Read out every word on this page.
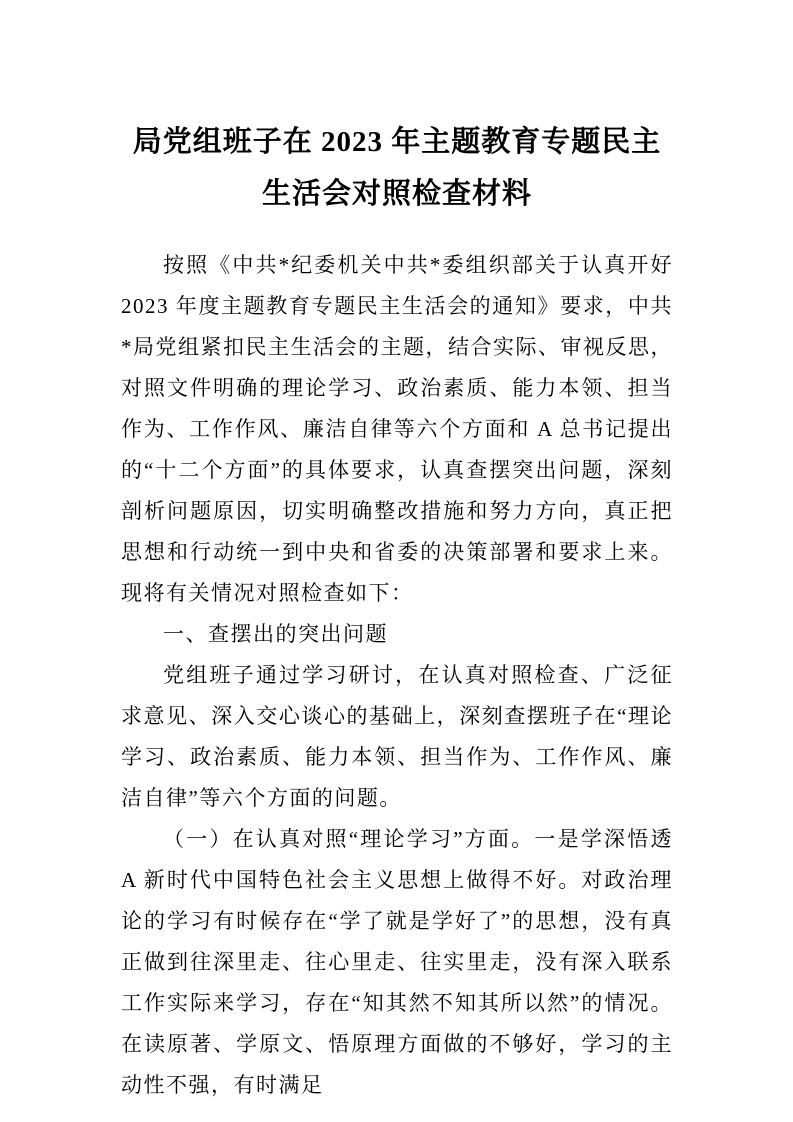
局党组班子在 2023 年主题教育专题民主生活会对照检查材料

按照《中共*纪委机关中共*委组织部关于认真开好 2023 年度主题教育专题民主生活会的通知》要求，中共*局党组紧扣民主生活会的主题，结合实际、审视反思，对照文件明确的理论学习、政治素质、能力本领、担当作为、工作作风、廉洁自律等六个方面和 A 总书记提出的“十二个方面”的具体要求，认真查摆突出问题，深刻剖析问题原因，切实明确整改措施和努力方向，真正把思想和行动统一到中央和省委的决策部署和要求上来。现将有关情况对照检查如下：

一、查摆出的突出问题

党组班子通过学习研讨，在认真对照检查、广泛征求意见、深入交心谈心的基础上，深刻查摆班子在“理论学习、政治素质、能力本领、担当作为、工作作风、廉洁自律”等六个方面的问题。

（一）在认真对照“理论学习”方面。一是学深悟透 A 新时代中国特色社会主义思想上做得不好。对政治理论的学习有时候存在“学了就是学好了”的思想，没有真正做到往深里走、往心里走、往实里走，没有深入联系工作实际来学习，存在“知其然不知其所以然”的情况。在读原著、学原文、悟原理方面做的不够好，学习的主动性不强，有时满足
